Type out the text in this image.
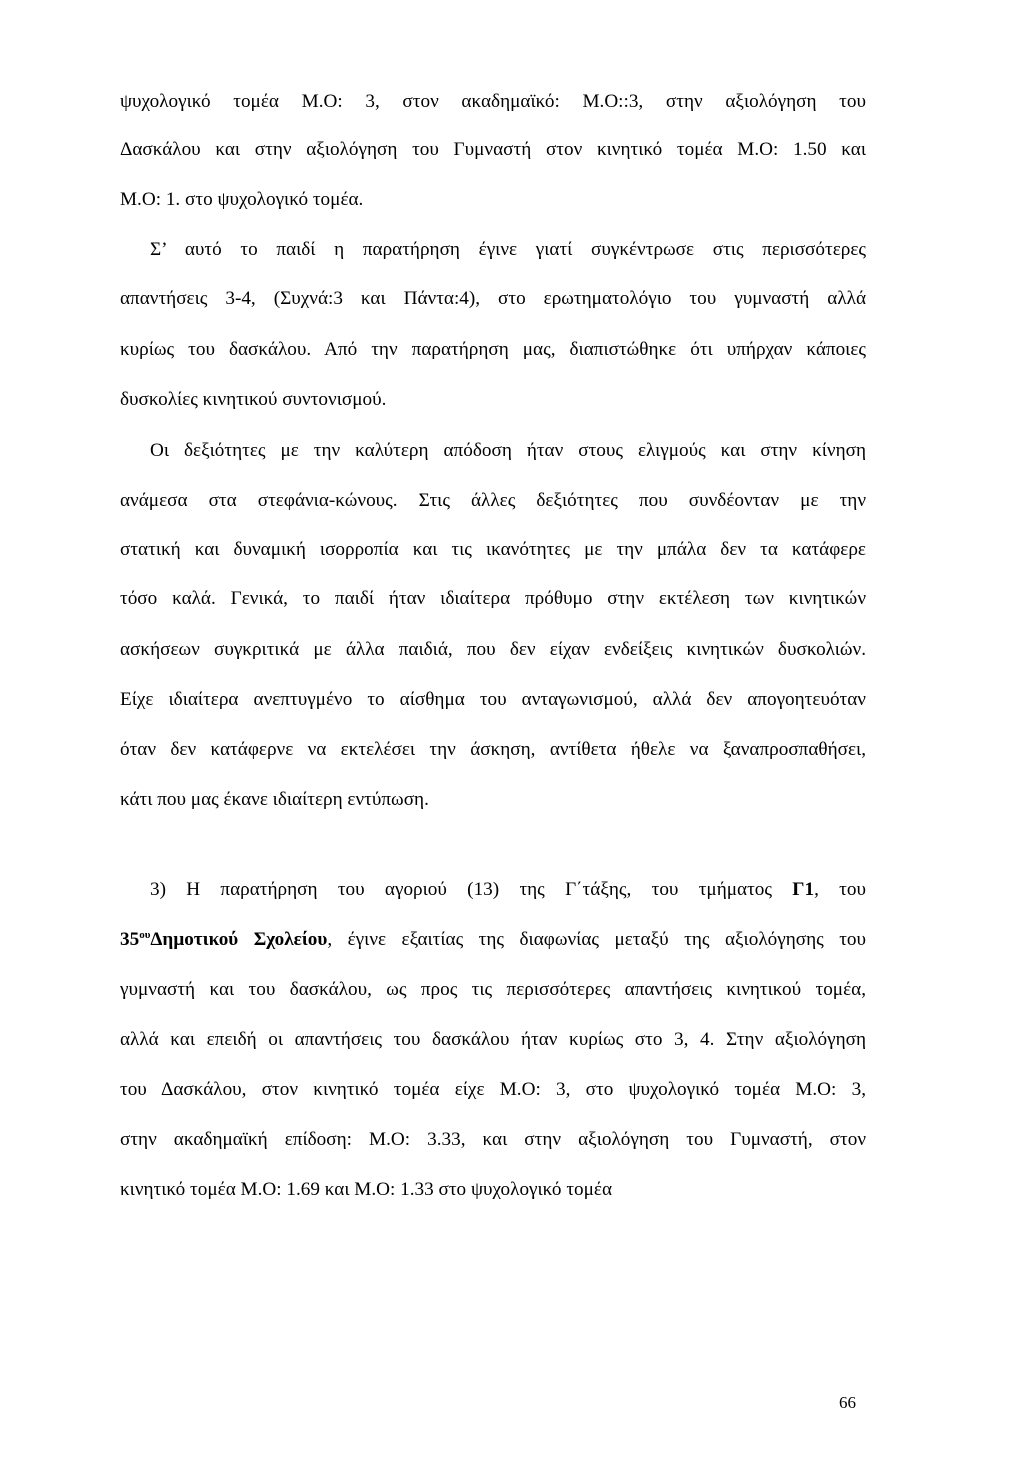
ψυχολογικό τομέα Μ.Ο: 3, στον ακαδημαϊκό: Μ.Ο::3, στην αξιολόγηση του
Δασκάλου και στην αξιολόγηση του Γυμναστή στον κινητικό τομέα Μ.Ο: 1.50 και
Μ.Ο: 1. στο ψυχολογικό τομέα.
Σ’ αυτό το παιδί η παρατήρηση έγινε γιατί συγκέντρωσε στις περισσότερες
απαντήσεις 3-4, (Συχνά:3 και Πάντα:4), στο ερωτηματολόγιο του γυμναστή αλλά
κυρίως του δασκάλου. Από την παρατήρηση μας, διαπιστώθηκε ότι υπήρχαν κάποιες
δυσκολίες κινητικού συντονισμού.
Οι δεξιότητες με την καλύτερη απόδοση ήταν στους ελιγμούς και στην κίνηση
ανάμεσα στα στεφάνια-κώνους. Στις άλλες δεξιότητες που συνδέονταν με την
στατική και δυναμική ισορροπία και τις ικανότητες με την μπάλα δεν τα κατάφερε
τόσο καλά. Γενικά, το παιδί ήταν ιδιαίτερα πρόθυμο στην εκτέλεση των κινητικών
ασκήσεων συγκριτικά με άλλα παιδιά, που δεν είχαν ενδείξεις κινητικών δυσκολιών.
Είχε ιδιαίτερα ανεπτυγμένο το αίσθημα του ανταγωνισμού, αλλά δεν απογοητευόταν
όταν δεν κατάφερνε να εκτελέσει την άσκηση, αντίθετα ήθελε να ξαναπροσπαθήσει,
κάτι που μας έκανε ιδιαίτερη εντύπωση.
3) Η παρατήρηση του αγοριού (13) της Γ΄τάξης, του τμήματος Γ1, του
$35^{o\upsilon}\Delta\eta\mu o\tau\iota\kappa oύ$ Σχολείου, έγινε εξαιτίας της διαφωνίας μεταξύ της αξιολόγησης του
γυμναστή και του δασκάλου, ως προς τις περισσότερες απαντήσεις κινητικού τομέα,
αλλά και επειδή οι απαντήσεις του δασκάλου ήταν κυρίως στο 3, 4. Στην αξιολόγηση
του Δασκάλου, στον κινητικό τομέα είχε Μ.Ο: 3, στο ψυχολογικό τομέα Μ.Ο: 3,
στην ακαδημαϊκή επίδοση: Μ.Ο: 3.33, και στην αξιολόγηση του Γυμναστή, στον
κινητικό τομέα Μ.Ο: 1.69 και Μ.Ο: 1.33 στο ψυχολογικό τομέα
66
